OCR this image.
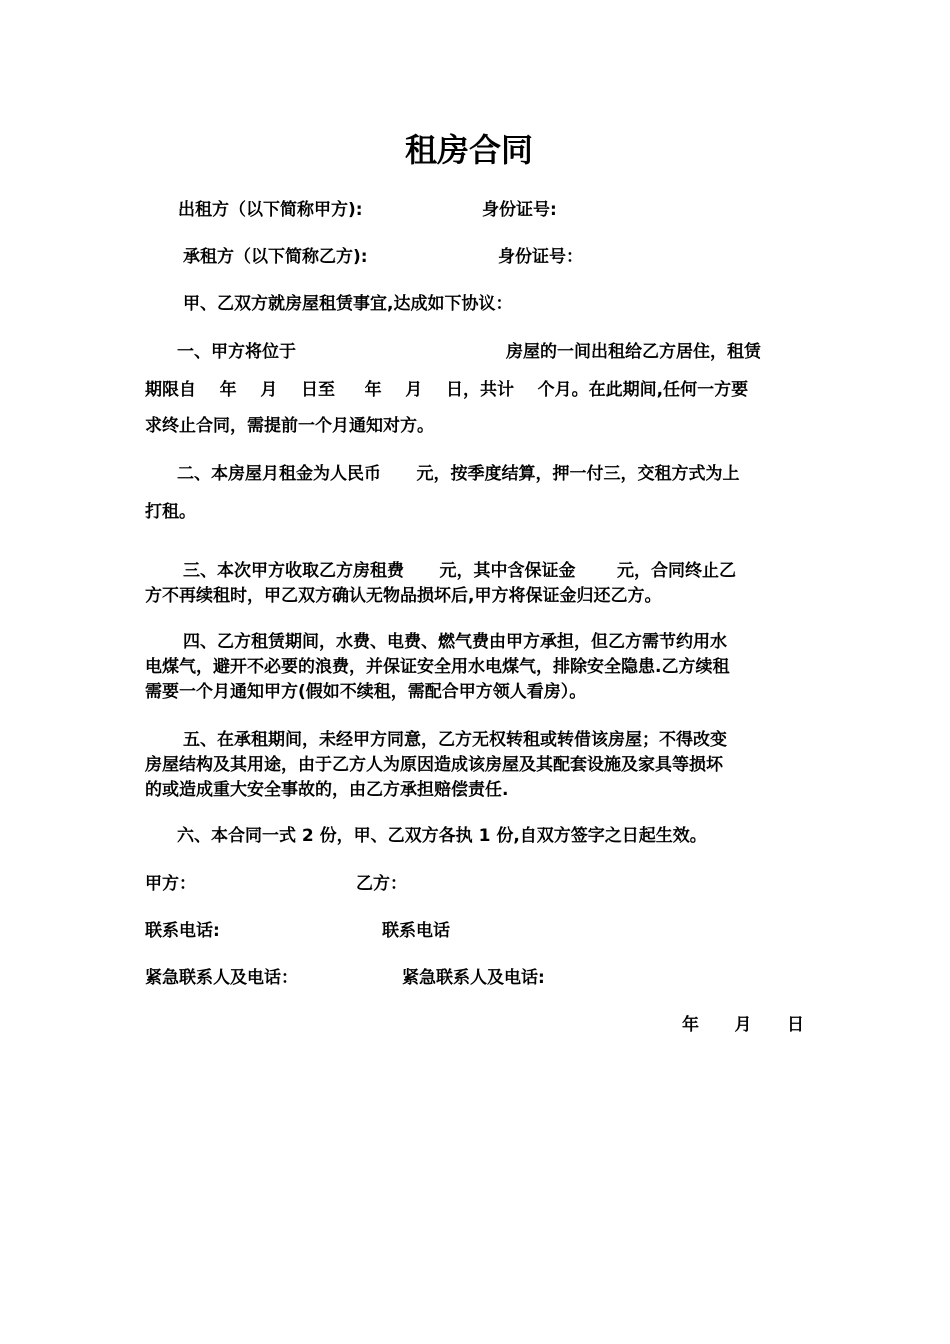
租房合同
出租方（以下简称甲方):	身份证号:
承租方（以下简称乙方):	身份证号：
甲、乙双方就房屋租赁事宜,达成如下协议：
一、甲方将位于	房屋的一间出租给乙方居住，租赁
期限自    年    月    日至     年    月    日，共计    个月。在此期间,任何一方要
求终止合同，需提前一个月通知对方。
二、本房屋月租金为人民币      元，按季度结算，押一付三，交租方式为上
打租。
三、本次甲方收取乙方房租费      元，其中含保证金       元，合同终止乙
方不再续租时，甲乙双方确认无物品损坏后,甲方将保证金归还乙方。
四、乙方租赁期间，水费、电费、燃气费由甲方承担，但乙方需节约用水
电煤气，避开不必要的浪费，并保证安全用水电煤气，排除安全隐患.乙方续租
需要一个月通知甲方(假如不续租，需配合甲方领人看房）。
五、在承租期间，未经甲方同意，乙方无权转租或转借该房屋；不得改变
房屋结构及其用途，由于乙方人为原因造成该房屋及其配套设施及家具等损坏
的或造成重大安全事故的，由乙方承担赔偿责任.
六、本合同一式 2 份，甲、乙双方各执 1 份,自双方签字之日起生效。
甲方：	乙方：
联系电话:	联系电话
紧急联系人及电话：	紧急联系人及电话:
年      月      日
